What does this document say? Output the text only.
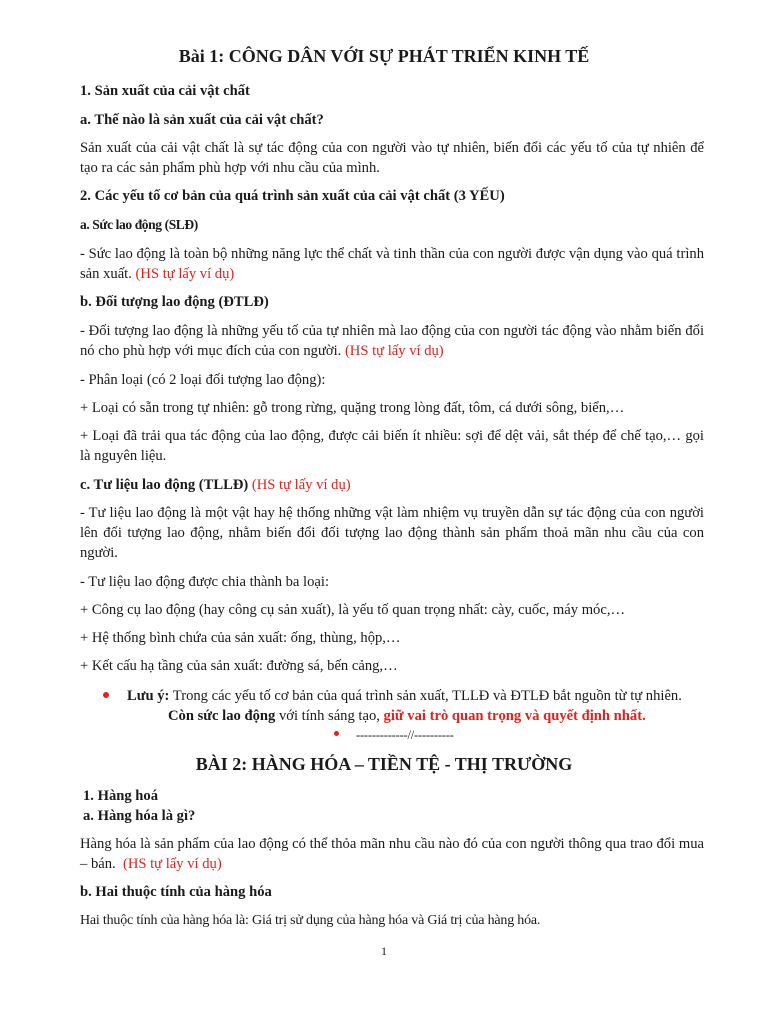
Bài 1: CÔNG DÂN VỚI SỰ PHÁT TRIỂN KINH TẾ
1. Sản xuất của cải vật chất
a. Thế nào là sản xuất của cải vật chất?
Sản xuất của cải vật chất là sự tác động của con người vào tự nhiên, biến đổi các yếu tố của tự nhiên để tạo ra các sản phẩm phù hợp với nhu cầu của mình.
2. Các yếu tố cơ bản của quá trình sản xuất của cải vật chất (3 YẾU)
a. Sức lao động (SLĐ)
- Sức lao động là toàn bộ những năng lực thể chất và tinh thần của con người được vận dụng vào quá trình sản xuất. (HS tự lấy ví dụ)
b. Đối tượng lao động (ĐTLĐ)
- Đối tượng lao động là những yếu tố của tự nhiên mà lao động của con người tác động vào nhằm biến đổi nó cho phù hợp với mục đích của con người. (HS tự lấy ví dụ)
- Phân loại (có 2 loại đối tượng lao động):
+ Loại có sẵn trong tự nhiên: gỗ trong rừng, quặng trong lòng đất, tôm, cá dưới sông, biển,…
+ Loại đã trải qua tác động của lao động, được cải biến ít nhiều: sợi để dệt vải, sắt thép để chế tạo,… gọi là nguyên liệu.
c. Tư liệu lao động (TLLĐ) (HS tự lấy ví dụ)
- Tư liệu lao động là một vật hay hệ thống những vật làm nhiệm vụ truyền dẫn sự tác động của con người lên đối tượng lao động, nhằm biến đổi đối tượng lao động thành sản phẩm thoả mãn nhu cầu của con người.
- Tư liệu lao động được chia thành ba loại:
+ Công cụ lao động (hay công cụ sản xuất), là yếu tố quan trọng nhất: cày, cuốc, máy móc,…
+ Hệ thống bình chứa của sản xuất: ống, thùng, hộp,…
+ Kết cấu hạ tầng của sản xuất: đường sá, bến cảng,…
Lưu ý: Trong các yếu tố cơ bản của quá trình sản xuất, TLLĐ và ĐTLĐ bắt nguồn từ tự nhiên.
Còn sức lao động với tính sáng tạo, giữ vai trò quan trọng và quyết định nhất.
-------------//----------
BÀI 2: HÀNG HÓA – TIỀN TỆ - THỊ TRƯỜNG
1. Hàng hoá
a. Hàng hóa là gì?
Hàng hóa là sản phẩm của lao động có thể thỏa mãn nhu cầu nào đó của con người thông qua trao đổi mua – bán. (HS tự lấy ví dụ)
b. Hai thuộc tính của hàng hóa
Hai thuộc tính của hàng hóa là: Giá trị sử dụng của hàng hóa và Giá trị của hàng hóa.
1
